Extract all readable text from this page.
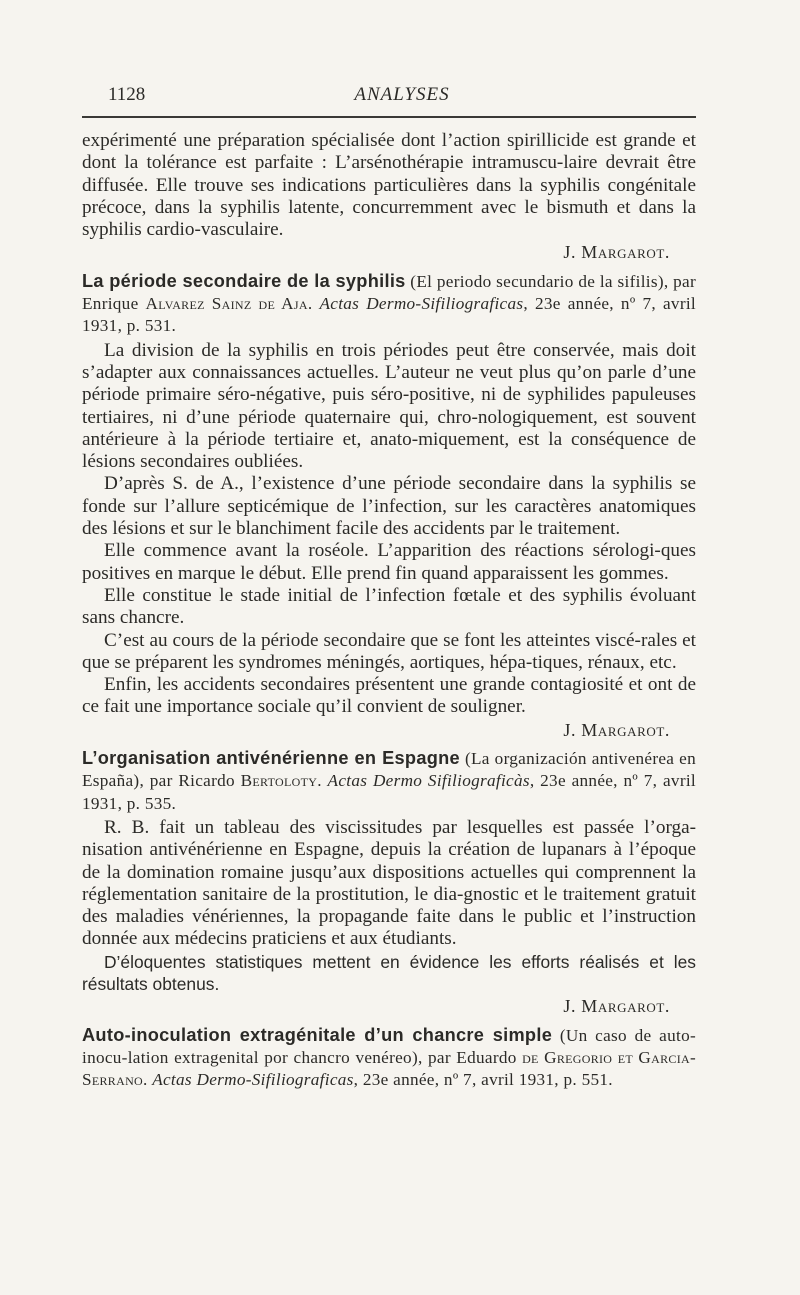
1128	ANALYSES

expérimenté une préparation spécialisée dont l’action spirillicide est grande et dont la tolérance est parfaite : L’arsénothérapie intramuscu-laire devrait être diffusée. Elle trouve ses indications particulières dans la syphilis congénitale précoce, dans la syphilis latente, concurremment avec le bismuth et dans la syphilis cardio-vasculaire.

J. Margarot.
La période secondaire de la syphilis (El periodo secundario de la sifilis), par Enrique Alvarez Sainz de Aja. Actas Dermo-Sifiliograficas, 23e année, nº 7, avril 1931, p. 531.

La division de la syphilis en trois périodes peut être conservée, mais doit s’adapter aux connaissances actuelles. L’auteur ne veut plus qu’on parle d’une période primaire séro-négative, puis séro-positive, ni de syphilides papuleuses tertiaires, ni d’une période quaternaire qui, chro-nologiquement, est souvent antérieure à la période tertiaire et, anato-miquement, est la conséquence de lésions secondaires oubliées.

D’après S. de A., l’existence d’une période secondaire dans la syphilis se fonde sur l’allure septicémique de l’infection, sur les caractères anatomiques des lésions et sur le blanchiment facile des accidents par le traitement.

Elle commence avant la roséole. L’apparition des réactions sérologi-ques positives en marque le début. Elle prend fin quand apparaissent les gommes.

Elle constitue le stade initial de l’infection fœtale et des syphilis évoluant sans chancre.

C’est au cours de la période secondaire que se font les atteintes viscé-rales et que se préparent les syndromes méningés, aortiques, hépa-tiques, rénaux, etc.

Enfin, les accidents secondaires présentent une grande contagiosité et ont de ce fait une importance sociale qu’il convient de souligner.

J. Margarot.
L’organisation antivénérienne en Espagne (La organización antivenérea en España), par Ricardo Bertoloty. Actas Dermo Sifiliograficàs, 23e année, nº 7, avril 1931, p. 535.

R. B. fait un tableau des viscissitudes par lesquelles est passée l’orga-nisation antivénérienne en Espagne, depuis la création de lupanars à l’époque de la domination romaine jusqu’aux dispositions actuelles qui comprennent la réglementation sanitaire de la prostitution, le dia-gnostic et le traitement gratuit des maladies vénériennes, la propagande faite dans le public et l’instruction donnée aux médecins praticiens et aux étudiants.

D’éloquentes statistiques mettent en évidence les efforts réalisés et les résultats obtenus.

J. Margarot.
Auto-inoculation extragénitale d’un chancre simple (Un caso de auto-inocu-lation extragenital por chancro venéreo), par Eduardo de Gregorio et Garcia-Serrano. Actas Dermo-Sifiliograficas, 23e année, nº 7, avril 1931, p. 551.
